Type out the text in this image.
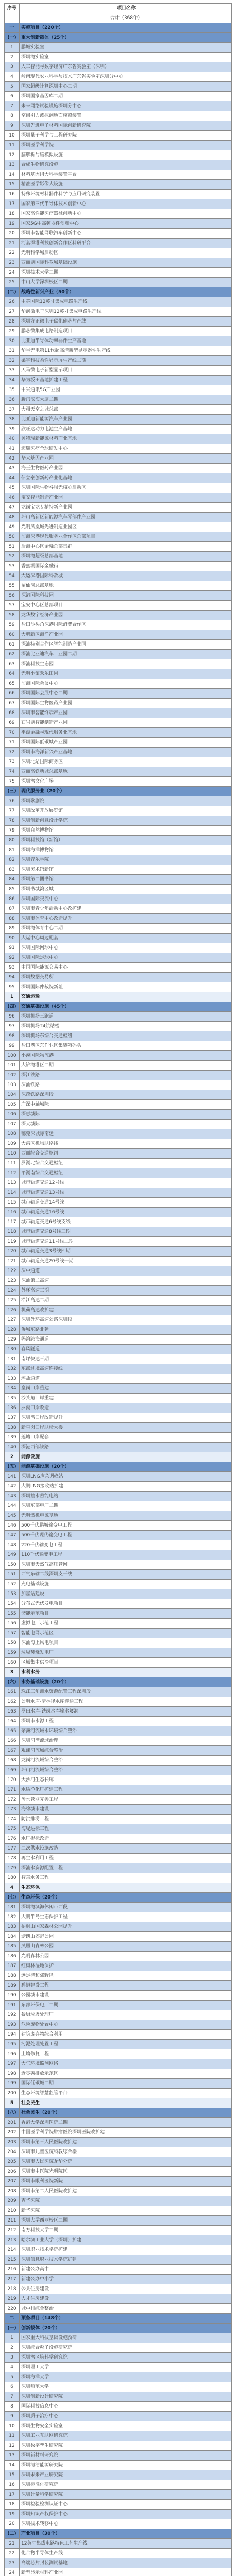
序号	项目名称
	合计（368个）
一	实施项目（220个）
(一)	重大创新载体（25个）
1	鹏城实验室
2	深圳湾实验室
3	人工智能与数字经济广东省实验室（深圳）
4	岭南现代农业科学与技术广东省实验室深圳分中心
5	国家超级计算深圳中心二期
6	深圳国家基因库二期
7	未来网络试验设施深圳分中心
8	空间引力波探测地面模拟装置
9	深圳先进电子材料国际创新研究院
10	深圳量子科学与工程研究院
11	深圳医学科学院
12	脑解析与脑模拟设施
13	合成生物研究设施
14	材料基因组大科学装置平台
15	精准医学影像大设施
16	特殊环境材料器件科学与应用研究装置
17	国家第三代半导体技术创新中心
18	国家高性能医疗器械创新中心
19	国家5G中高频器件创新中心
20	深圳市智能网联汽车创新中心
21	河套深港科技创新合作区科研平台
22	光明科学城启动区
23	西丽湖国际科教城基础设施
24	深圳技术大学二期
25	中山大学深圳校区二期
(二)	战略性新兴产业（50个）
26	中芯国际12英寸集成电路生产线
27	华润微电子深圳12英寸集成电路生产线
28	深圳方正微电子碳化硅芯片产线
29	鹏芯微集成电路制造项目
30	比亚迪半导体功率器件生产基地
31	华星光电第11代超高清新型显示器件生产线
32	柔宇科技柔性显示屏生产线二期
33	天马微电子新型显示项目
34	华为坂田基地扩建工程
35	中兴通讯5G产业园
36	腾讯滨海大厦二期
37	大疆天空之城总部
38	比亚迪新能源汽车产业园
39	欣旺达动力电池生产基地
40	贝特瑞新能源材料产业基地
41	迈瑞医疗全球研发中心
42	华大基因产业园
43	海王生物医药产业园
44	信立泰创新药产业化基地
45	深圳国际生物谷坝光核心启动区
46	宝安智能制造产业园
47	龙岗宝龙专精特新产业园
48	坪山高新区新能源汽车零部件产业园
49	光明凤凰城先进制造业园区
50	前海深港现代服务业合作区总部项目
51	后海中心区金融总部集群
52	深圳湾超级总部基地
53	香蜜湖国际金融街
54	大运深港国际科教城
55	留仙洞总部基地
56	深港国际科技园
57	宝安中心区总部项目
58	龙华数字经济产业园
59	盐田沙头角深港国际消费合作区
60	大鹏新区海洋产业园
61	深汕特别合作区智能制造产业园
62	深汕比亚迪汽车工业园二期
63	深汕科技生态园
64	光明小镇欢乐田园
65	前海国际会议中心
66	深圳国际会展中心二期
67	深圳国际生物医药产业园
68	深圳市智能终端产业园
69	石岩湖智能制造产业园
70	平湖金融与现代服务业基地
71	深圳国际低碳城产业园
72	深圳市海洋新兴产业基地
73	深圳北站国际商务区
74	西丽高铁新城总部基地
75	深圳湾文化广场
(三)	现代服务业（20个）
76	深圳歌剧院
77	深圳改革开放展览馆
78	深圳创新创意设计学院
79	深圳自然博物馆
80	深圳科技馆（新馆）
81	深圳海洋博物馆
82	深圳音乐学院
83	深圳美术馆新馆
84	深圳第二图书馆
85	深圳书城湾区城
86	深圳国际交流中心
87	深圳市青少年活动中心改扩建
88	深圳市体育中心改造提升
89	深圳湾体育中心二期
90	大运中心周边配套
91	深圳国际网球中心
92	深圳国际足球中心
93	中国国际能源交易中心
94	深圳数据交易所
95	深圳国际仲裁院新址
1	交通运输
(四)	交通基础设施（45个）
96	深圳机场三跑道
97	深圳机场T4航站楼
98	深圳机场东综合交通枢纽
99	盐田港区东作业区集装箱码头
100	小漠国际物流港
101	大铲湾港区二期
102	深江铁路
103	深汕铁路
104	深茂铁路深圳段
105	广深中轴城际
106	深惠城际
107	深大城际
108	穗莞深城际南延
109	大湾区机场联络线
110	西丽综合交通枢纽
111	罗湖北综合交通枢纽
112	平湖南综合交通枢纽
113	城市轨道交通12号线
114	城市轨道交通13号线
115	城市轨道交通14号线
116	城市轨道交通16号线
117	城市轨道交通6号线支线
118	城市轨道交通8号线三期
119	城市轨道交通11号线二期
120	城市轨道交通3号线四期
121	城市轨道交通20号线一期
122	深中通道
123	深汕第二高速
124	外环高速三期
125	沿江高速二期
126	机荷高速改扩建
127	深圳外环高速公路深圳段
128	侨城东路北延
129	妈湾跨海通道
130	春风隧道
131	南坪快速三期
132	东部过境高速连接线
133	坪盐通道
134	皇岗口岸重建
135	沙头角口岸重建
136	罗湖口岸改造
137	深圳湾口岸改造提升
138	新皇岗口岸联检大楼
139	莲塘口岸配套
140	深港西部铁路
2	能源设施
(五)	能源基础设施（20个）
141	深圳LNG应急调峰站
142	大鹏LNG接收站扩建
143	深圳抽水蓄能电站
144	深圳东部电厂二期
145	光明燃机电源基地
146	500千伏鹏城输变电工程
147	500千伏现代输变电工程
148	220千伏输变电工程
149	110千伏输变电工程
150	深圳市天然气高压管网
151	西气东输二线深圳支干线
152	充电基础设施
153	加氢站建设
154	分布式光伏发电项目
155	储能示范项目
156	虚拟电厂示范工程
157	智能电网示范区
158	深汕海上风电项目
159	垃圾焚烧发电厂
160	区域集中供冷项目
3	水利水务
(六)	水务基础设施（20个）
161	珠江三角洲水资源配置工程深圳段
162	公明水库-清林径水库连通工程
163	罗田水库-铁岗水库输水隧洞
164	深圳市水源工程
165	茅洲河流域水环境综合整治
166	深圳河湾流域治理
167	观澜河流域综合整治
168	龙岗河流域综合整治
169	坪山河流域综合整治
170	大沙河生态长廊
171	水质净化厂扩建工程
172	污水管网完善工程
173	海绵城市建设
174	防洪排涝工程
175	海堤达标工程
176	水厂提标改造
177	二次供水设施改造
178	再生水利用工程
179	深汕水资源配置工程
180	智慧水务工程
4	生态环保
(七)	生态环保（20个）
181	深圳湾滨海休闲带西段
182	大鹏半岛生态保护工程
183	梧桐山国家森林公园提升
184	塘朗山郊野公园
185	凤凰山森林公园
186	光明森林公园
187	红树林湿地保护
188	远足径和郊野径
189	碧道建设工程
190	公园城市建设
191	东部环保电厂二期
192	餐厨垃圾处理厂
193	危险废物处置中心
194	建筑废弃物综合利用
195	污泥处理处置工程
196	土壤修复工程
197	大气环境监测网络
198	近零碳排放示范区
199	国际低碳城二期
200	生态环境智慧监管平台
5	社会民生
(八)	社会民生（20个）
201	香港大学深圳医院二期
202	中国医学科学院肿瘤医院深圳医院改扩建
203	深圳市第三人民医院改扩建
204	深圳市儿童医院科教综合楼
205	深圳市人民医院龙华分院
206	深圳市中医院光明院区
207	深圳市眼科医院新院
208	深圳市第二人民医院改扩建
209	吉华医院
210	新华医院
211	深圳大学西丽校区二期
212	南方科技大学二期
213	哈尔滨工业大学（深圳）扩建
214	深圳职业技术学院扩建
215	深圳信息职业技术学院扩建
216	新建公办高中
217	新建公办中小学
218	公共住房建设
219	人才住房建设
220	城中村综合整治
二	预备项目（148个）
(一)	创新载体（20个）
1	国家重大科技基础设施预研
2	深圳综合粒子设施研究院
3	深圳湾区脑科学研究院
4	深圳理工大学
5	深圳海洋大学
6	深圳师范大学
7	深圳创新设计研究院
8	国际科技信息中心
9	深圳质子治疗中心
10	深圳生物安全实验室
11	深圳工业互联网研究院
12	深圳数字孪生研究院
13	深圳新材料研究院
14	深圳清洁能源研究院
15	深圳未来产业研究院
16	深圳标准化研究院
17	深圳计量科学研究院
18	深圳检验检测认证中心
19	深圳知识产权保护中心
20	深圳技术转移中心
(二)	产业项目（30个）
21	12英寸集成电路特色工艺生产线
22	化合物半导体生产线
23	高端芯片封装测试基地
24	新型显示材料产业园
